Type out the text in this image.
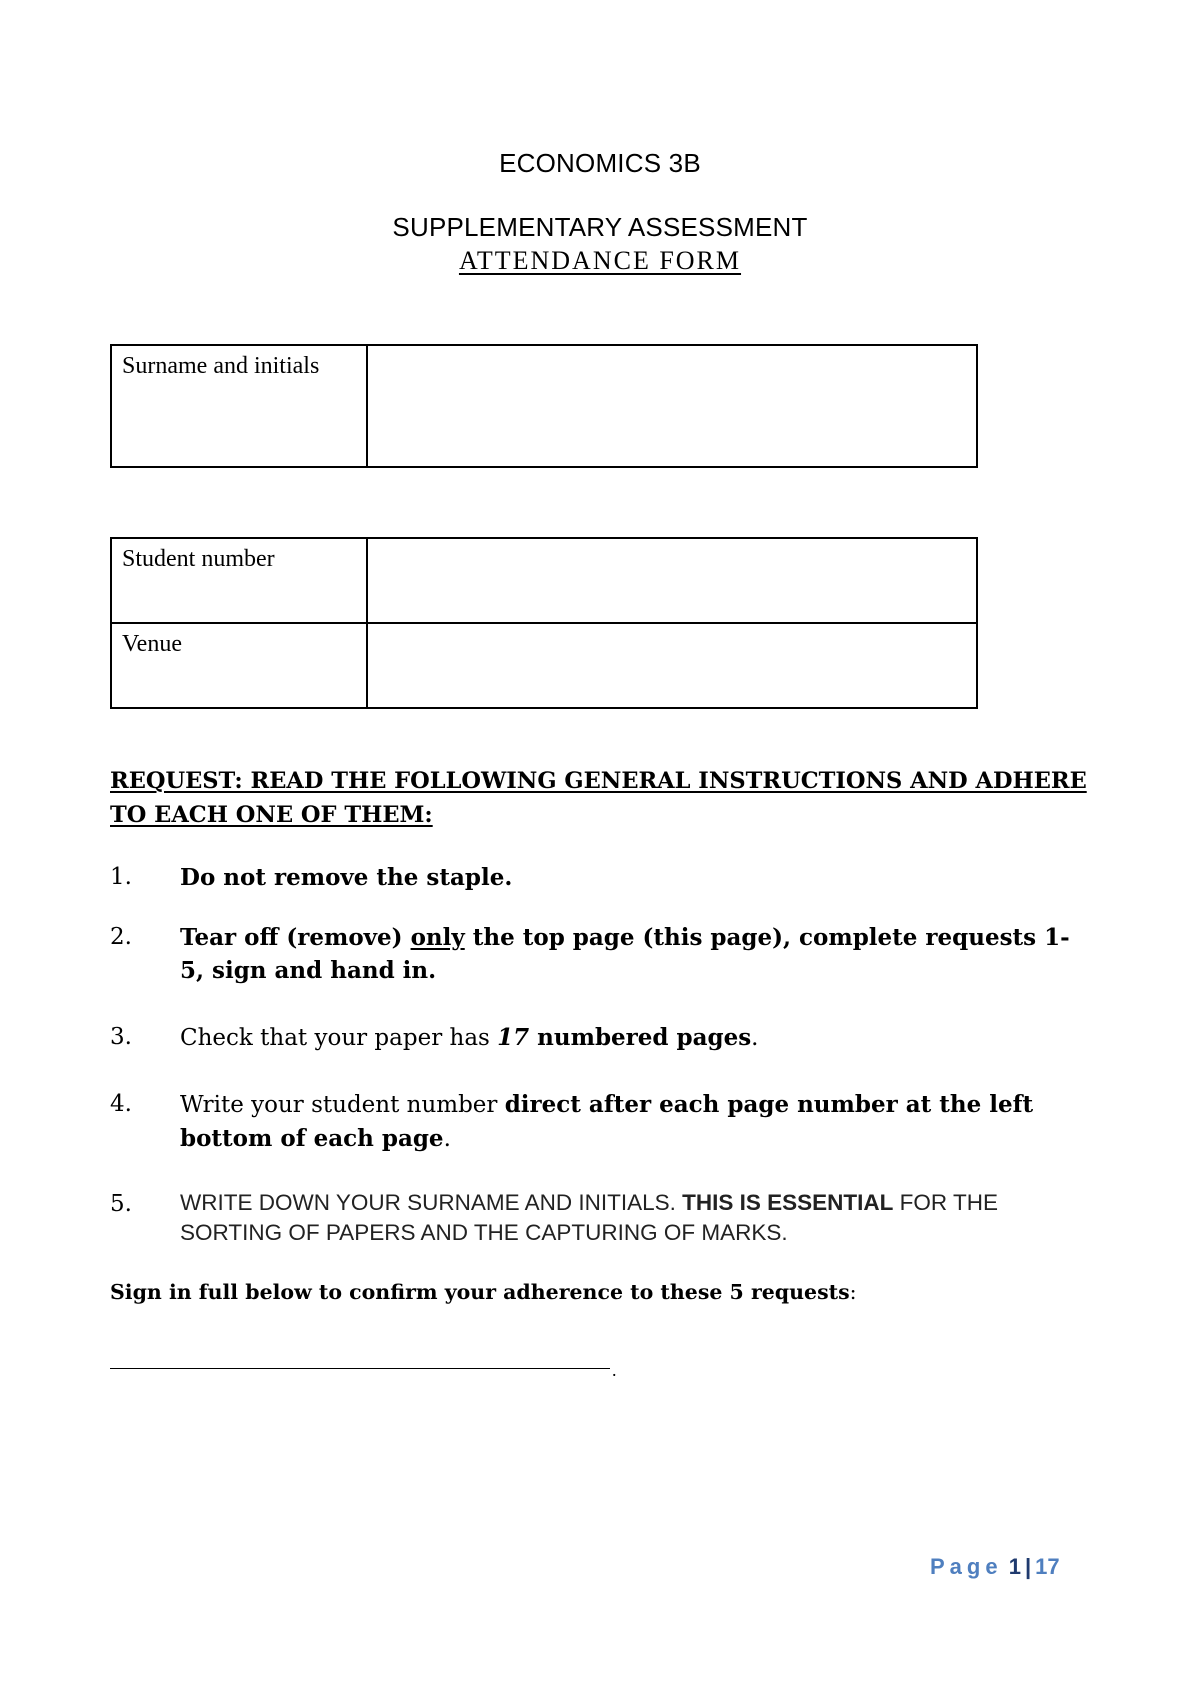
ECONOMICS 3B
SUPPLEMENTARY ASSESSMENT
ATTENDANCE FORM
Surname and initials	
Student number	
Venue	
REQUEST: READ THE FOLLOWING GENERAL INSTRUCTIONS AND ADHERE TO EACH ONE OF THEM:
1.	Do not remove the staple.
2.	Tear off (remove) only the top page (this page), complete requests 1-5, sign and hand in.
3.	Check that your paper has 17 numbered pages.
4.	Write your student number direct after each page number at the left bottom of each page.
5.	WRITE DOWN YOUR SURNAME AND INITIALS. THIS IS ESSENTIAL FOR THE SORTING OF PAPERS AND THE CAPTURING OF MARKS.
Sign in full below to confirm your adherence to these 5 requests:
.
Page 1 | 17
